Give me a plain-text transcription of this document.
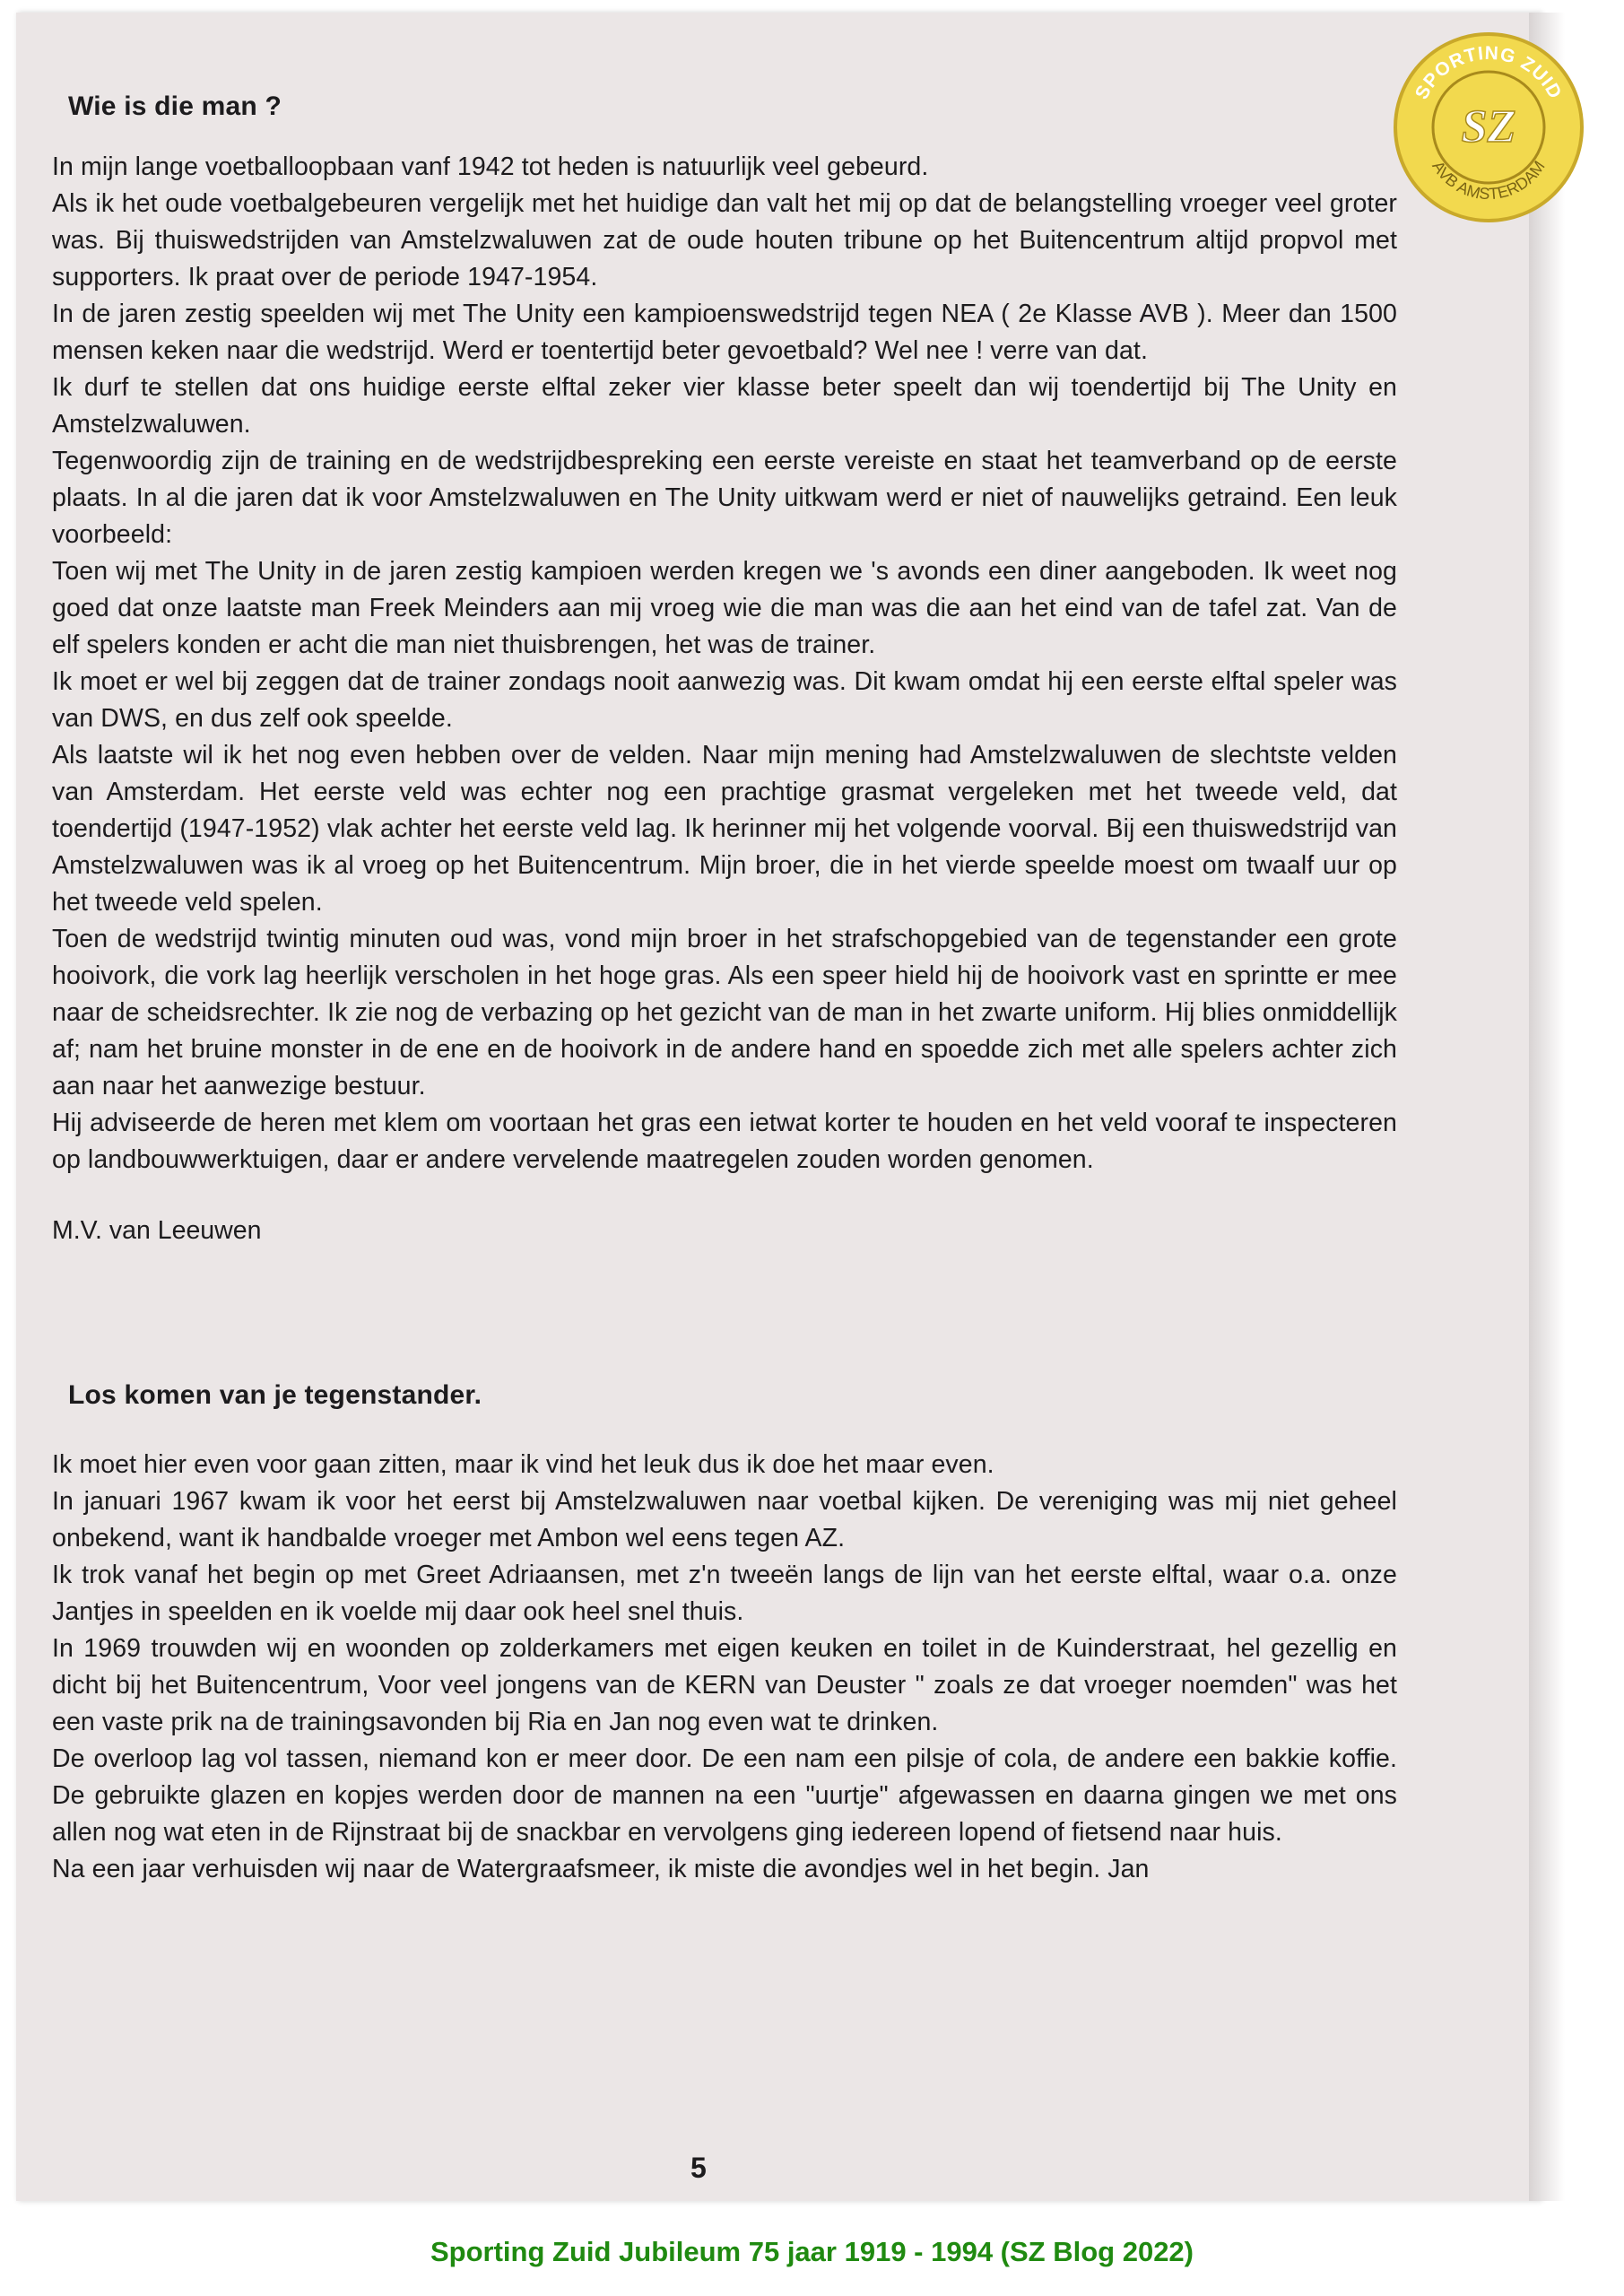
Wie is die man ?

In mijn lange voetballoopbaan vanf 1942 tot heden is natuurlijk veel gebeurd.

Als ik het oude voetbalgebeuren vergelijk met het huidige dan valt het mij op dat de belangstelling vroeger veel groter was. Bij thuiswedstrijden van Amstelzwaluwen zat de oude houten tribune op het Buitencentrum altijd propvol met supporters. Ik praat over de periode 1947-1954.

In de jaren zestig speelden wij met The Unity een kampioenswedstrijd tegen NEA ( 2e Klasse AVB ). Meer dan 1500 mensen keken naar die wedstrijd. Werd er toentertijd beter gevoetbald? Wel nee ! verre van dat.

Ik durf te stellen dat ons huidige eerste elftal zeker vier klasse beter speelt dan wij toendertijd bij The Unity en Amstelzwaluwen.

Tegenwoordig zijn de training en de wedstrijdbespreking een eerste vereiste en staat het teamverband op de eerste plaats. In al die jaren dat ik voor Amstelzwaluwen en The Unity uitkwam werd er niet of nauwelijks getraind. Een leuk voorbeeld:

Toen wij met The Unity in de jaren zestig kampioen werden kregen we 's avonds een diner aangeboden. Ik weet nog goed dat onze laatste man Freek Meinders aan mij vroeg wie die man was die aan het eind van de tafel zat. Van de elf spelers konden er acht die man niet thuisbrengen, het was de trainer.

Ik moet er wel bij zeggen dat de trainer zondags nooit aanwezig was. Dit kwam omdat hij een eerste elftal speler was van DWS, en dus zelf ook speelde.

Als laatste wil ik het nog even hebben over de velden. Naar mijn mening had Amstelzwaluwen de slechtste velden van Amsterdam. Het eerste veld was echter nog een prachtige grasmat vergeleken met het tweede veld, dat toendertijd (1947-1952) vlak achter het eerste veld lag. Ik herinner mij het volgende voorval. Bij een thuiswedstrijd van Amstelzwaluwen was ik al vroeg op het Buitencentrum. Mijn broer, die in het vierde speelde moest om twaalf uur op het tweede veld spelen.

Toen de wedstrijd twintig minuten oud was, vond mijn broer in het strafschopgebied van de tegenstander een grote hooivork, die vork lag heerlijk verscholen in het hoge gras. Als een speer hield hij de hooivork vast en sprintte er mee naar de scheidsrechter. Ik zie nog de verbazing op het gezicht van de man in het zwarte uniform. Hij blies onmiddellijk af; nam het bruine monster in de ene en de hooivork in de andere hand en spoedde zich met alle spelers achter zich aan naar het aanwezige bestuur.

Hij adviseerde de heren met klem om voortaan het gras een ietwat korter te houden en het veld vooraf te inspecteren op landbouwwerktuigen, daar er andere vervelende maatregelen zouden worden genomen.

M.V. van Leeuwen
Los komen van je tegenstander.

Ik moet hier even voor gaan zitten, maar ik vind het leuk dus ik doe het maar even.

In januari 1967 kwam ik voor het eerst bij Amstelzwaluwen naar voetbal kijken. De vereniging was mij niet geheel onbekend, want ik handbalde vroeger met Ambon wel eens tegen AZ.

Ik trok vanaf het begin op met Greet Adriaansen, met z'n tweeën langs de lijn van het eerste elftal, waar o.a. onze Jantjes in speelden en ik voelde mij daar ook heel snel thuis.

In 1969 trouwden wij en woonden op zolderkamers met eigen keuken en toilet in de Kuinderstraat, hel gezellig en dicht bij het Buitencentrum, Voor veel jongens van de KERN van Deuster " zoals ze dat vroeger noemden" was het een vaste prik na de trainingsavonden bij Ria en Jan nog even wat te drinken.

De overloop lag vol tassen, niemand kon er meer door. De een nam een pilsje of cola, de andere een bakkie koffie. De gebruikte glazen en kopjes werden door de mannen na een "uurtje" afgewassen en daarna gingen we met ons allen nog wat eten in de Rijnstraat bij de snackbar en vervolgens ging iedereen lopend of fietsend naar huis.

Na een jaar verhuisden wij naar de Watergraafsmeer, ik miste die avondjes wel in het begin. Jan

5
SPORTING ZUID
SZ
AVB AMSTERDAM
Sporting Zuid Jubileum 75 jaar 1919 - 1994 (SZ Blog 2022)
